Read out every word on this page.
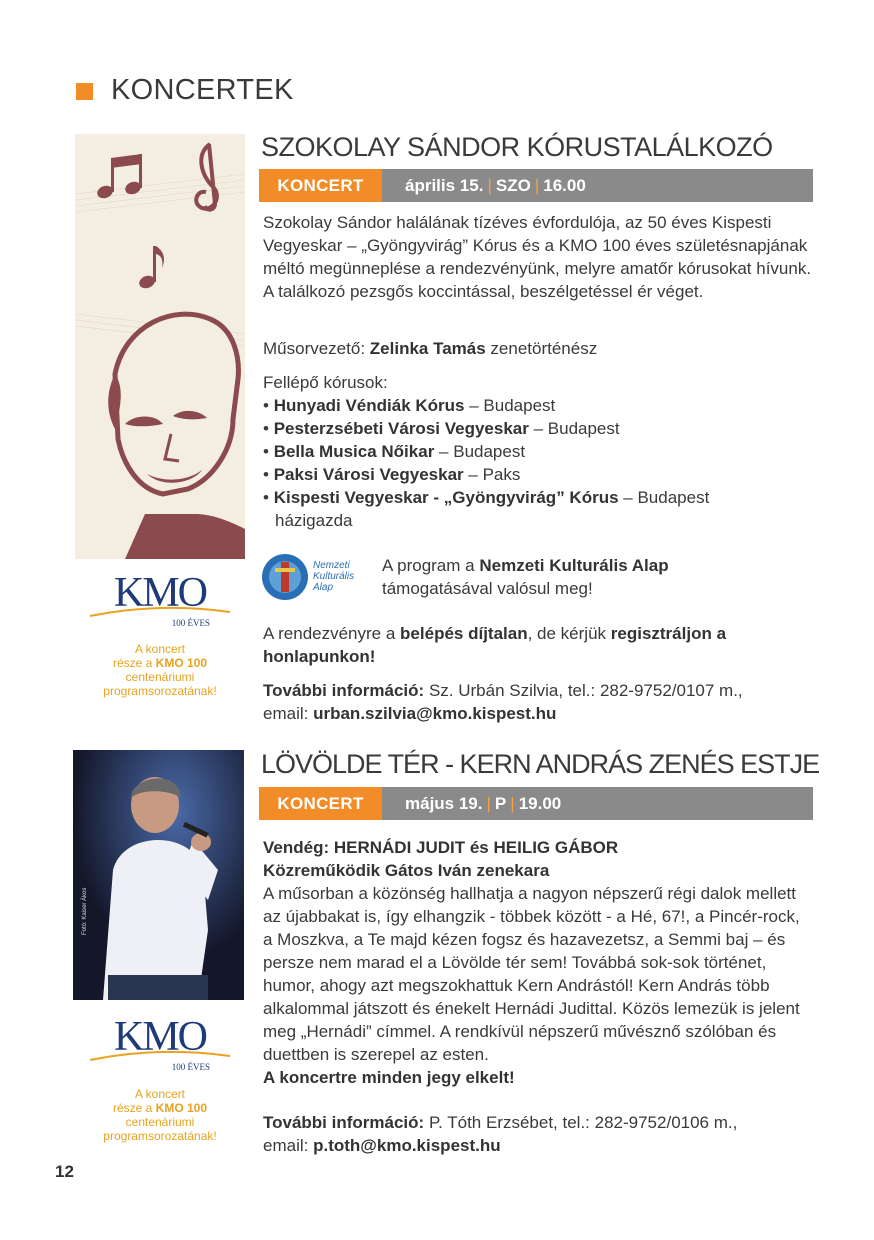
KONCERTEK
KMO
100 ÉVES
A koncert
része a KMO 100
centenáriumi
programsorozatának!
SZOKOLAY SÁNDOR KÓRUSTALÁLKOZÓ
KONCERT	április 15. | SZO | 16.00
Szokolay Sándor halálának tízéves évfordulója, az 50 éves Kispesti Vegyeskar – „Gyöngyvirág” Kórus és a KMO 100 éves születésnapjának méltó megünneplése a rendezvényünk, melyre amatőr kórusokat hívunk. A találkozó pezsgős koccintással, beszélgetéssel ér véget.
Műsorvezető: Zelinka Tamás zenetörténész
Fellépő kórusok:
• Hunyadi Véndiák Kórus – Budapest
• Pesterzsébeti Városi Vegyeskar – Budapest
• Bella Musica Nőikar – Budapest
• Paksi Városi Vegyeskar – Paks
• Kispesti Vegyeskar - „Gyöngyvirág” Kórus – Budapest
házigazda
Nemzeti
Kulturális
Alap
A program a Nemzeti Kulturális Alap
támogatásával valósul meg!
A rendezvényre a belépés díjtalan, de kérjük regisztráljon a honlapunkon!
További információ: Sz. Urbán Szilvia, tel.: 282-9752/0107 m.,
email: urban.szilvia@kmo.kispest.hu
Fotó: Kaiser Ákos
KMO
100 ÉVES
A koncert
része a KMO 100
centenáriumi
programsorozatának!
LÖVÖLDE TÉR - KERN ANDRÁS ZENÉS ESTJE
KONCERT	május 19. | P | 19.00
Vendég: HERNÁDI JUDIT és HEILIG GÁBOR
Közreműködik Gátos Iván zenekara
A műsorban a közönség hallhatja a nagyon népszerű régi dalok mellett az újabbakat is, így elhangzik - többek között - a Hé, 67!, a Pincér-rock, a Moszkva, a Te majd kézen fogsz és hazavezetsz, a Semmi baj – és persze nem marad el a Lövölde tér sem! Továbbá sok-sok történet, humor, ahogy azt megszokhattuk Kern Andrástól! Kern András több alkalommal játszott és énekelt Hernádi Judittal. Közös lemezük is jelent meg „Hernádi” címmel. A rendkívül népszerű művésznő szólóban és duettben is szerepel az esten.
A koncertre minden jegy elkelt!
További információ: P. Tóth Erzsébet, tel.: 282-9752/0106 m.,
email: p.toth@kmo.kispest.hu
12
